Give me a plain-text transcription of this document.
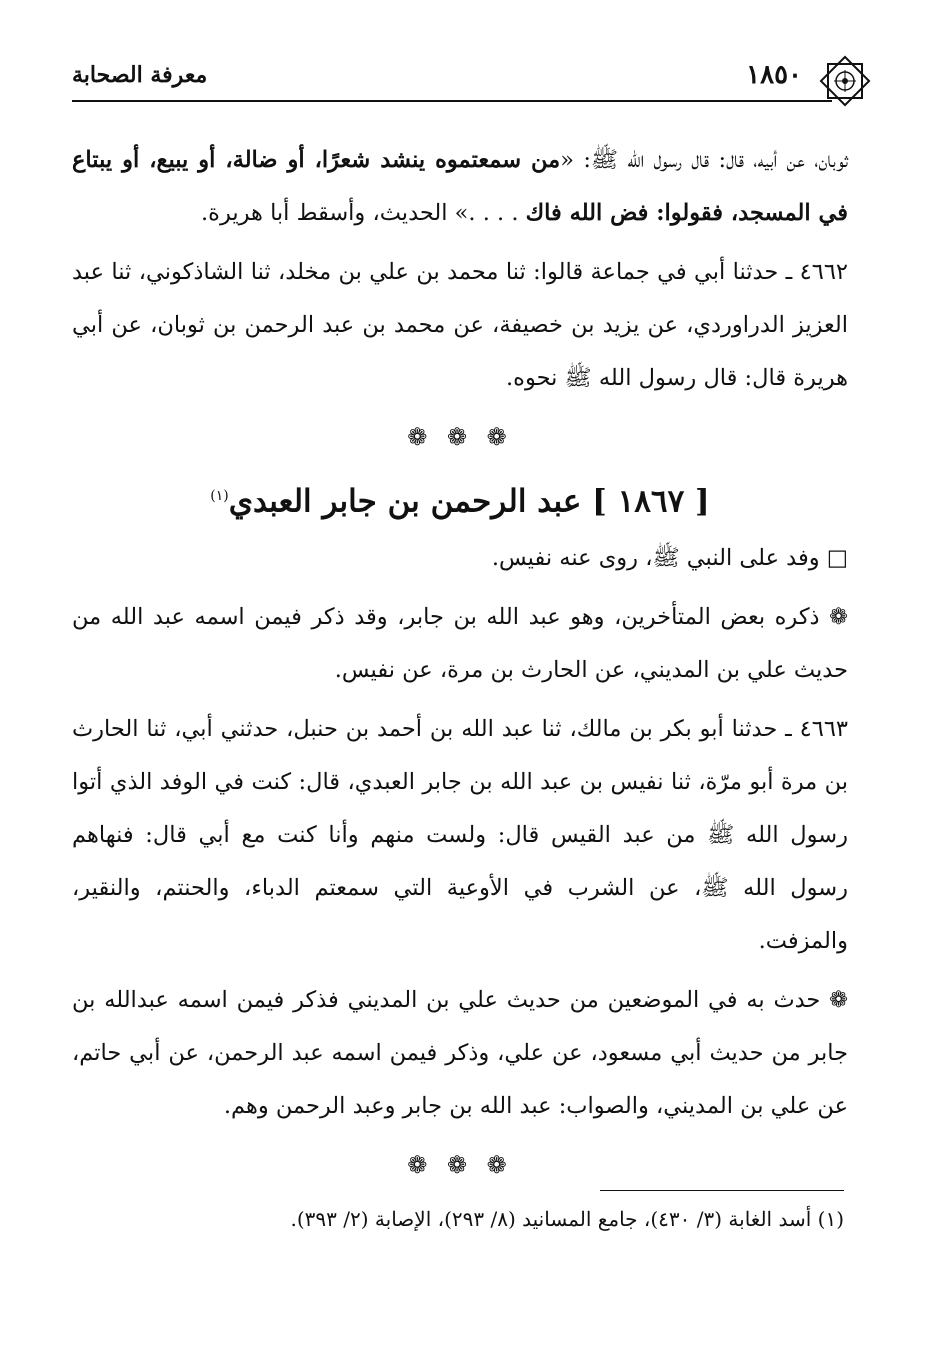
١٨٥٠
معرفة الصحابة

ثوبان، عن أبيه، قال: قال رسول الله ﷺ: «من سمعتموه ينشد شعرًا، أو ضالة، أو يبيع، أو يبتاع في المسجد، فقولوا: فض الله فاك . . . .» الحديث، وأسقط أبا هريرة.

٤٦٦٢ ـ حدثنا أبي في جماعة قالوا: ثنا محمد بن علي بن مخلد، ثنا الشاذكوني، ثنا عبد العزيز الدراوردي، عن يزيد بن خصيفة، عن محمد بن عبد الرحمن بن ثوبان، عن أبي هريرة قال: قال رسول الله ﷺ نحوه.

❁ ❁ ❁
[ ١٨٦٧ ] عبد الرحمن بن جابر العبدي$^{(١)}$

□ وفد على النبي ﷺ، روى عنه نفيس.

❁ ذكره بعض المتأخرين، وهو عبد الله بن جابر، وقد ذكر فيمن اسمه عبد الله من حديث علي بن المديني، عن الحارث بن مرة، عن نفيس.

٤٦٦٣ ـ حدثنا أبو بكر بن مالك، ثنا عبد الله بن أحمد بن حنبل، حدثني أبي، ثنا الحارث بن مرة أبو مرّة، ثنا نفيس بن عبد الله بن جابر العبدي، قال: كنت في الوفد الذي أتوا رسول الله ﷺ من عبد القيس قال: ولست منهم وأنا كنت مع أبي قال: فنهاهم رسول الله ﷺ، عن الشرب في الأوعية التي سمعتم الدباء، والحنتم، والنقير، والمزفت.

❁ حدث به في الموضعين من حديث علي بن المديني فذكر فيمن اسمه عبدالله بن جابر من حديث أبي مسعود، عن علي، وذكر فيمن اسمه عبد الرحمن، عن أبي حاتم، عن علي بن المديني، والصواب: عبد الله بن جابر وعبد الرحمن وهم.

❁ ❁ ❁
(١) أسد الغابة (٣/ ٤٣٠)، جامع المسانيد (٨/ ٢٩٣)، الإصابة (٢/ ٣٩٣).
